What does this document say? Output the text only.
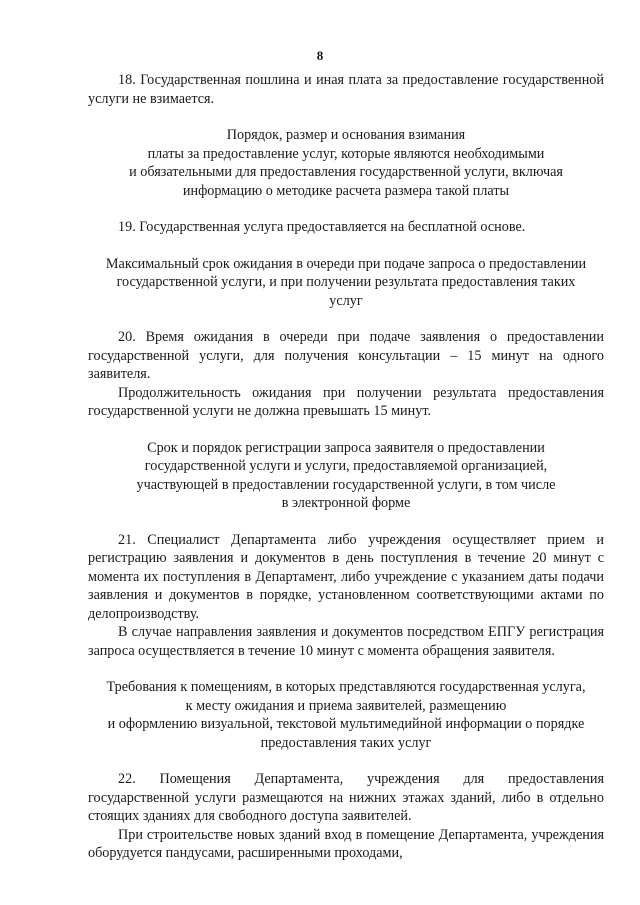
8

18. Государственная пошлина и иная плата за предоставление государственной услуги не взимается.

Порядок, размер и основания взимания

платы за предоставление услуг, которые являются необходимыми

и обязательными для предоставления государственной услуги, включая

информацию о методике расчета размера такой платы

19. Государственная услуга предоставляется на бесплатной основе.

Максимальный срок ожидания в очереди при подаче запроса о предоставлении

государственной услуги, и при получении результата предоставления таких

услуг

20. Время ожидания в очереди при подаче заявления о предоставлении государственной услуги, для получения консультации – 15 минут на одного заявителя.

Продолжительность ожидания при получении результата предоставления государственной услуги не должна превышать 15 минут.

Срок и порядок регистрации запроса заявителя о предоставлении

государственной услуги и услуги, предоставляемой организацией,

участвующей в предоставлении государственной услуги, в том числе

в электронной форме

21. Специалист Департамента либо учреждения осуществляет прием и регистрацию заявления и документов в день поступления в течение 20 минут с момента их поступления в Департамент, либо учреждение с указанием даты подачи заявления и документов в порядке, установленном соответствующими актами по делопроизводству.

В случае направления заявления и документов посредством ЕПГУ регистрация запроса осуществляется в течение 10 минут с момента обращения заявителя.

Требования к помещениям, в которых представляются государственная услуга,

к месту ожидания и приема заявителей, размещению

и оформлению визуальной, текстовой мультимедийной информации о порядке

предоставления таких услуг

22. Помещения Департамента, учреждения для предоставления государственной услуги размещаются на нижних этажах зданий, либо в отдельно стоящих зданиях для свободного доступа заявителей.

При строительстве новых зданий вход в помещение Департамента, учреждения оборудуется пандусами, расширенными проходами,
